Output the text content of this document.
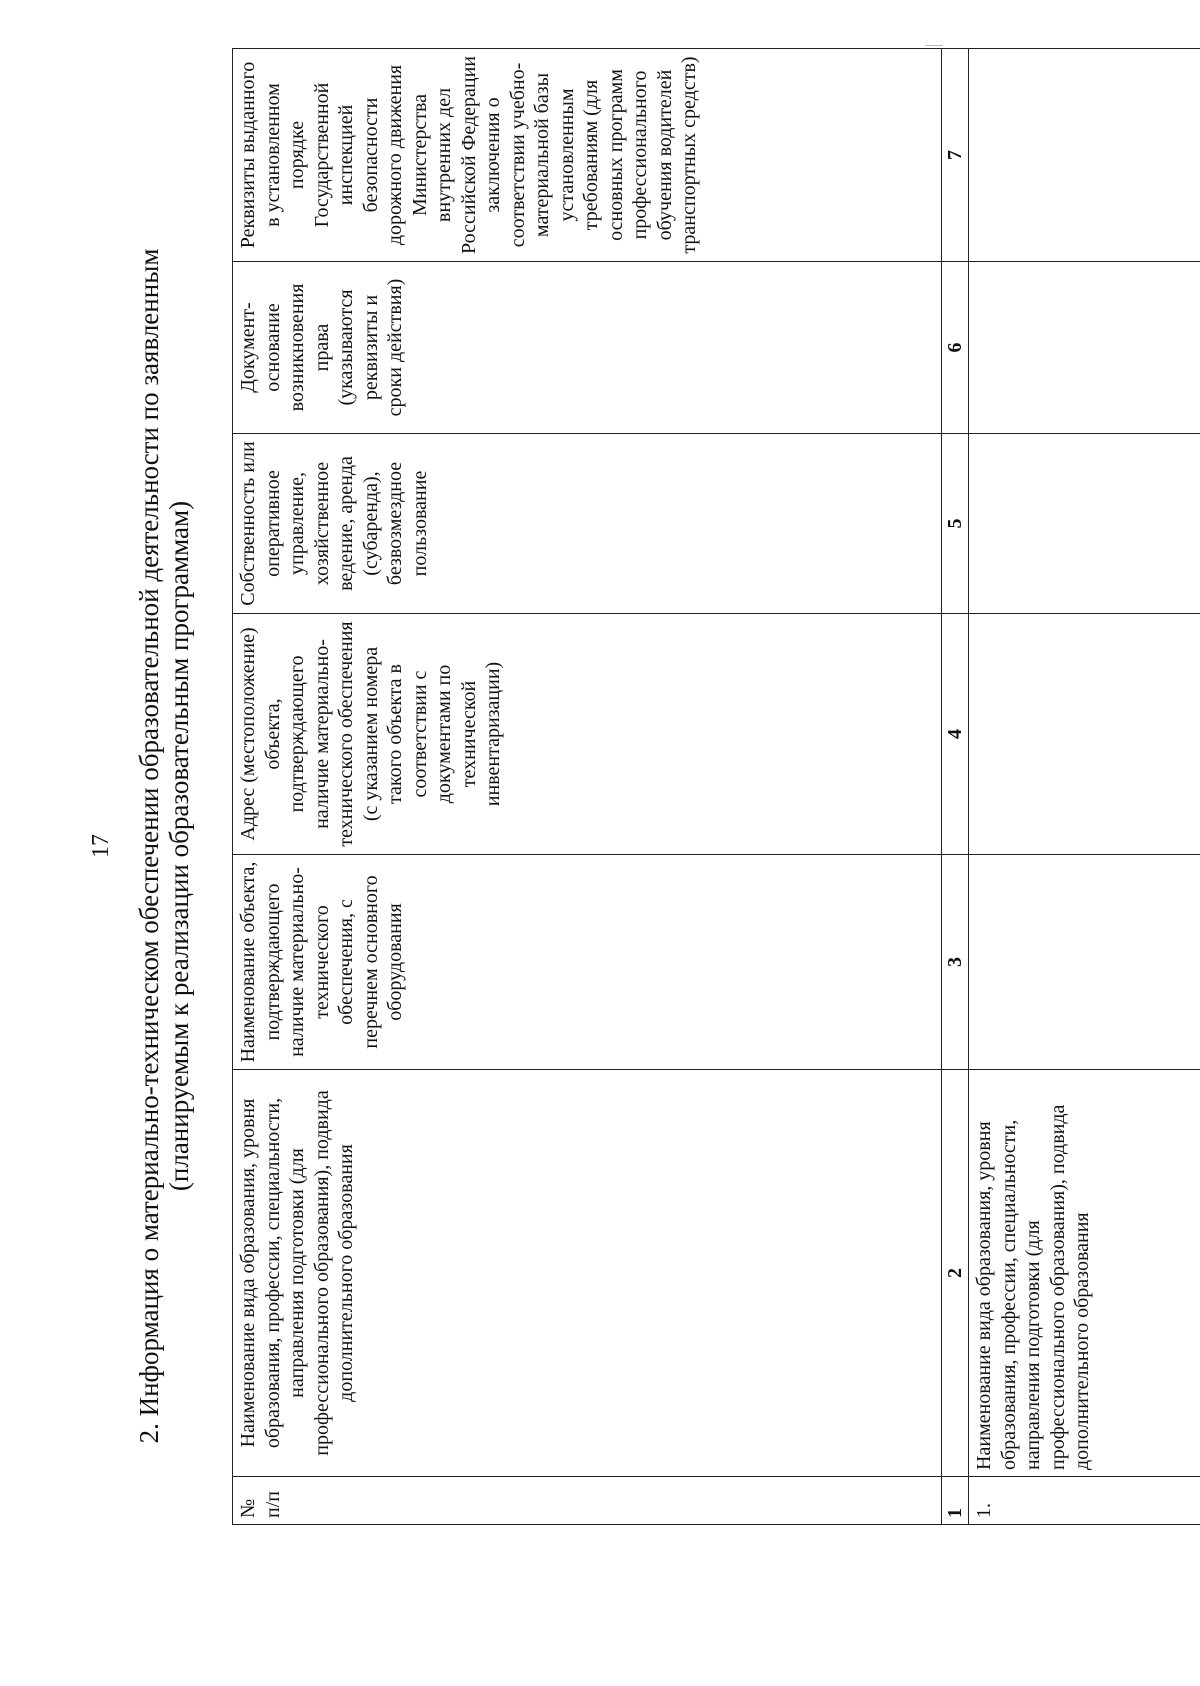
17 2. Информация о материально-техническом обеспечении образовательной деятельности по заявленным (планируемым к реализации образовательным программам)
№ п/п	Наименование вида образования, уровня образования, профессии, специальности, направления подготовки (для профессионального образования), подвида дополнительного образования	Наименование объекта, подтверждающего наличие материально-технического обеспечения, с перечнем основного оборудования	Адрес (местоположение) объекта, подтверждающего наличие материально-технического обеспечения (с указанием номера такого объекта в соответствии с документами по технической инвентаризации)	Собственность или оперативное управление, хозяйственное ведение, аренда (субаренда), безвозмездное пользование	Документ-основание возникновения права (указываются реквизиты и сроки действия)	Реквизиты выданного в установленном порядке Государственной инспекцией безопасности дорожного движения Министерства внутренних дел Российской Федерации заключения о соответствии учебно-материальной базы установленным требованиям (для основных программ профессионального обучения водителей транспортных средств)
1	2	3	4	5	6	7
1.	Наименование вида образования, уровня образования, профессии, специальности, направления подготовки (для профессионального образования), подвида дополнительного образования					
